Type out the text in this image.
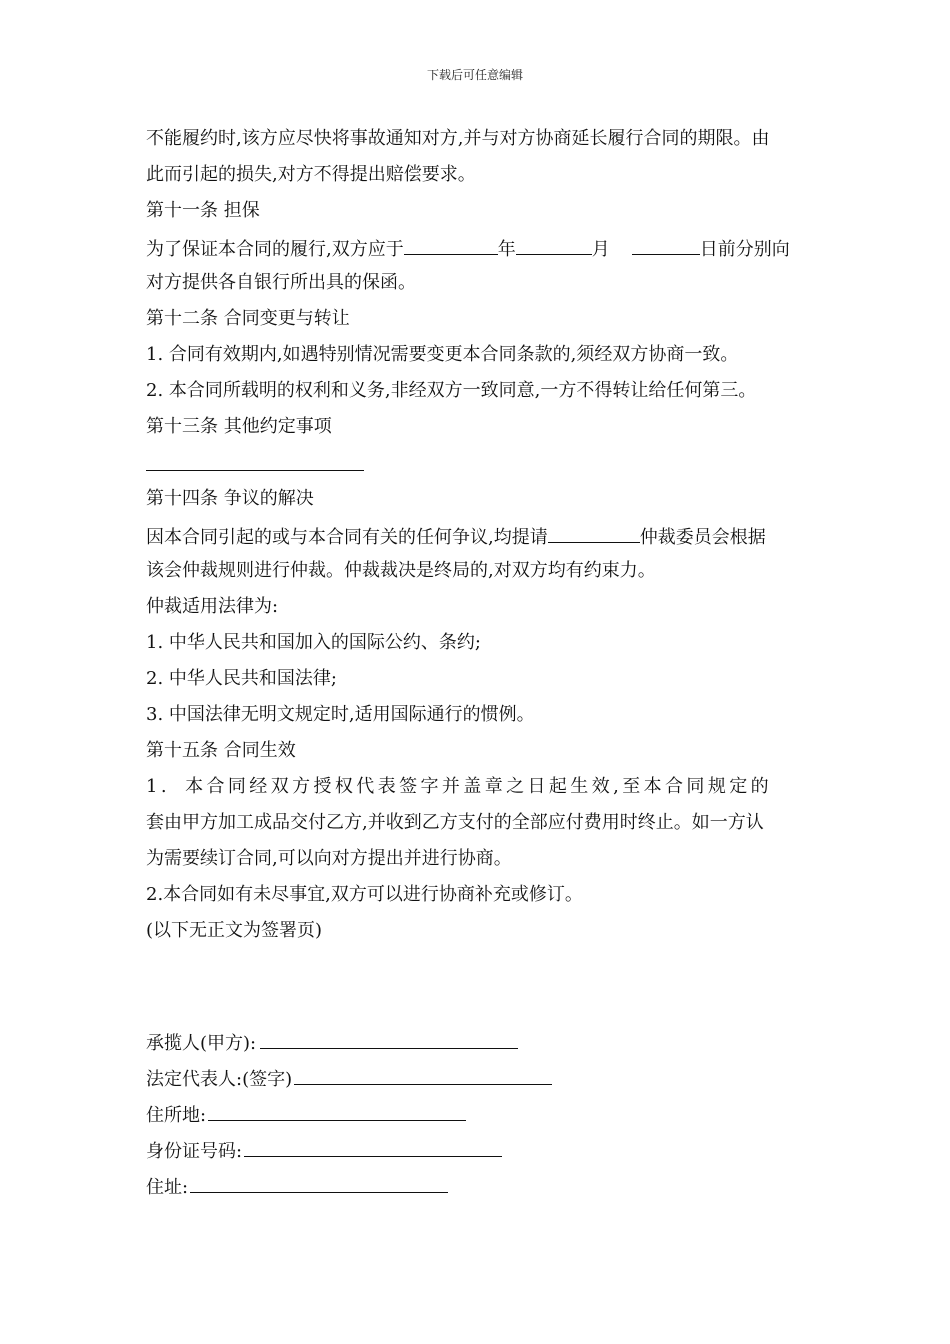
下载后可任意编辑
不能履约时,该方应尽快将事故通知对方,并与对方协商延长履行合同的期限。由
此而引起的损失,对方不得提出赔偿要求。
第十一条 担保
为了保证本合同的履行,双方应于	年	月	日前分别向
对方提供各自银行所出具的保函。
第十二条 合同变更与转让
1. 合同有效期内,如遇特别情况需要变更本合同条款的,须经双方协商一致。
2. 本合同所载明的权利和义务,非经双方一致同意,一方不得转让给任何第三。
第十三条 其他约定事项
第十四条 争议的解决
因本合同引起的或与本合同有关的任何争议,均提请	仲裁委员会根据
该会仲裁规则进行仲裁。仲裁裁决是终局的,对双方均有约束力。
仲裁适用法律为:
1. 中华人民共和国加入的国际公约、条约;
2. 中华人民共和国法律;
3. 中国法律无明文规定时,适用国际通行的惯例。
第十五条 合同生效
1. 本合同经双方授权代表签字并盖章之日起生效,至本合同规定的
套由甲方加工成品交付乙方,并收到乙方支付的全部应付费用时终止。如一方认
为需要续订合同,可以向对方提出并进行协商。
2.本合同如有未尽事宜,双方可以进行协商补充或修订。
(以下无正文为签署页)
承揽人(甲方):
法定代表人:(签字)
住所地:
身份证号码:
住址:
